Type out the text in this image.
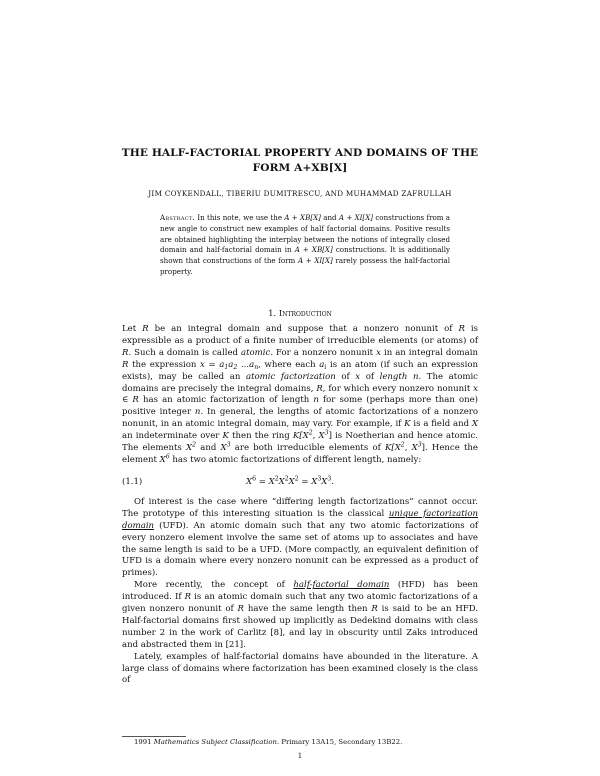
THE HALF-FACTORIAL PROPERTY AND DOMAINS OF THE
FORM A+XB[X]
JIM COYKENDALL, TIBERIU DUMITRESCU, AND MUHAMMAD ZAFRULLAH
Abstract. In this note, we use the A + XB[X] and A + XI[X] constructions from a new angle to construct new examples of half factorial domains. Positive results are obtained highlighting the interplay between the notions of integrally closed domain and half-factorial domain in A + XB[X] constructions. It is additionally shown that constructions of the form A + XI[X] rarely possess the half-factorial property.
1. Introduction

Let R be an integral domain and suppose that a nonzero nonunit of R is expressible as a product of a finite number of irreducible elements (or atoms) of R. Such a domain is called atomic. For a nonzero nonunit x in an integral domain R the expression $x = a_1a_2$ $...a_n$, where each $a_i$ is an atom (if such an expression exists), may be called an atomic factorization of x of length n. The atomic domains are precisely the integral domains, R, for which every nonzero nonunit x ∈ R has an atomic factorization of length n for some (perhaps more than one) positive integer n. In general, the lengths of atomic factorizations of a nonzero nonunit, in an atomic integral domain, may vary. For example, if K is a field and X an indeterminate over K then the ring $K[X^2$, $X^3$] is Noetherian and hence atomic. The elements $X^2$ and $X^3$ are both irreducible elements of $K[X^2$, $X^3$]. Hence the element $X^6$ has two atomic factorizations of different length, namely:

(1.1)	$X^6 = X^2X^2X^2 = X^3X^3$.

Of interest is the case where “differing length factorizations” cannot occur. The prototype of this interesting situation is the classical unique factorization domain (UFD). An atomic domain such that any two atomic factorizations of every nonzero element involve the same set of atoms up to associates and have the same length is said to be a UFD. (More compactly, an equivalent definition of UFD is a domain where every nonzero nonunit can be expressed as a product of primes).

More recently, the concept of half-factorial domain (HFD) has been introduced. If R is an atomic domain such that any two atomic factorizations of a given nonzero nonunit of R have the same length then R is said to be an HFD. Half-factorial domains first showed up implicitly as Dedekind domains with class number 2 in the work of Carlitz [8], and lay in obscurity until Zaks introduced and abstracted them in [21].

Lately, examples of half-factorial domains have abounded in the literature. A large class of domains where factorization has been examined closely is the class of

1991 Mathematics Subject Classification. Primary 13A15, Secondary 13B22.
1
